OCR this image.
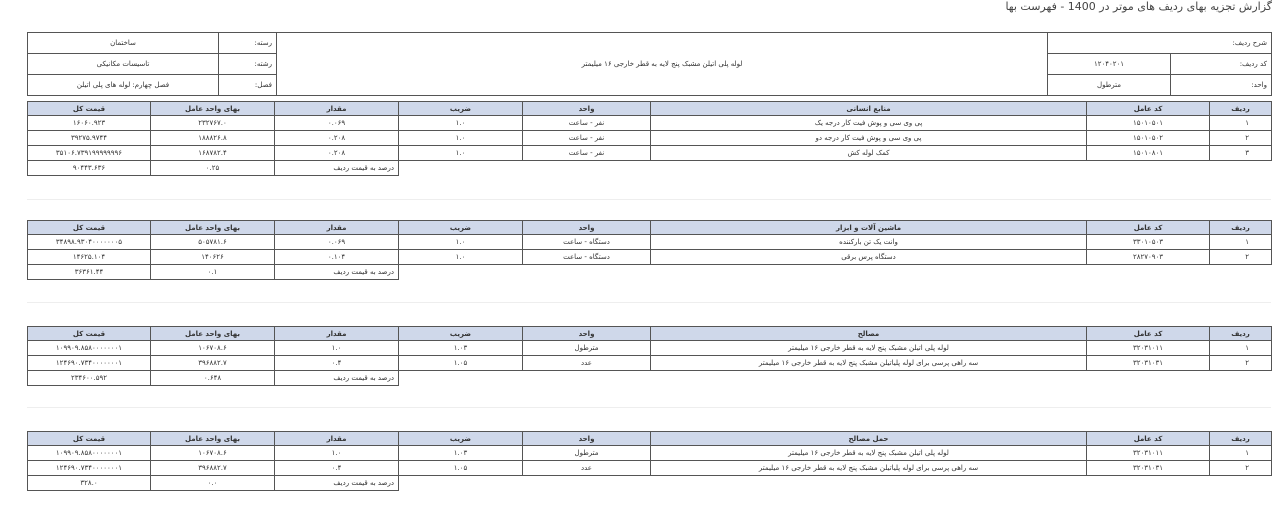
گزارش تجزیه بهای ردیف های موتر در 1400 - فهرست بها
شرح ردیف:		لوله پلی اتیلن مشبک پنج لایه به قطر خارجی ۱۶ میلیمتر	رسته:	ساختمان
کد ردیف:	۱۲۰۴۰۲۰۱		رشته:	تاسیسات مکانیکی
واحد:	مترطول		فصل:	فصل چهارم: لوله های پلی اتیلن
ردیف	کد عامل	منابع انسانی	واحد	ضریب	مقدار	بهای واحد عامل	قیمت کل
۱	۱۵۰۱۰۵۰۱	پی وی سی و پوش فیت کار درجه یک	نفر - ساعت	۱.۰	۰.۰۶۹	۲۳۲۷۶۷.۰	۱۶۰۶۰.۹۲۳
۲	۱۵۰۱۰۵۰۲	پی وی سی و پوش فیت کار درجه دو	نفر - ساعت	۱.۰	۰.۲۰۸	۱۸۸۸۲۶.۸	۳۹۲۷۵.۹۷۴۴
۳	۱۵۰۱۰۸۰۱	کمک لوله کش	نفر - ساعت	۱.۰	۰.۲۰۸	۱۶۸۷۸۲.۴	۳۵۱۰۶.۷۳۹۱۹۹۹۹۹۹۹۶
					درصد به قیمت ردیف	۰.۲۵	۹۰۴۴۳.۶۳۶
ردیف	کد عامل	ماشین آلات و ابزار	واحد	ضریب	مقدار	بهای واحد عامل	قیمت کل
۱	۳۳۰۱۰۵۰۳	وانت یک تن بارکننده	دستگاه - ساعت	۱.۰	۰.۰۶۹	۵۰۵۷۸۱.۶	۳۴۸۹۸.۹۳۰۴۰۰۰۰۰۰۰۵
۲	۲۸۲۷۰۹۰۳	دستگاه پرس برقی	دستگاه - ساعت	۱.۰	۰.۱۰۴	۱۴۰۶۲۶	۱۴۶۲۵.۱۰۴
					درصد به قیمت ردیف	۰.۱	۳۶۳۶۱.۴۴
ردیف	کد عامل	مصالح	واحد	ضریب	مقدار	بهای واحد عامل	قیمت کل
۱	۳۲۰۳۱۰۱۱	لوله پلی اتیلن مشبک پنج لایه به قطر خارجی ۱۶ میلیمتر	مترطول	۱.۰۳	۱.۰	۱۰۶۷۰۸.۶	۱۰۹۹۰۹.۸۵۸۰۰۰۰۰۰۰۱
۲	۳۲۰۳۱۰۳۱	سه راهی پرسی برای لوله پلیاتیلن مشبک پنج لایه به قطر خارجی ۱۶ میلیمتر	عدد	۱.۰۵	۰.۴	۳۹۶۸۸۲.۷	۱۲۴۶۹۰.۷۳۴۰۰۰۰۰۰۰۱
					درصد به قیمت ردیف	۰.۶۴۸	۲۳۴۶۰۰.۵۹۲
ردیف	کد عامل	حمل مصالح	واحد	ضریب	مقدار	بهای واحد عامل	قیمت کل
۱	۳۲۰۳۱۰۱۱	لوله پلی اتیلن مشبک پنج لایه به قطر خارجی ۱۶ میلیمتر	مترطول	۱.۰۳	۱.۰	۱۰۶۷۰۸.۶	۱۰۹۹۰۹.۸۵۸۰۰۰۰۰۰۰۱
۲	۳۲۰۳۱۰۳۱	سه راهی پرسی برای لوله پلیاتیلن مشبک پنج لایه به قطر خارجی ۱۶ میلیمتر	عدد	۱.۰۵	۰.۴	۳۹۶۸۸۲.۷	۱۲۴۶۹۰.۷۳۴۰۰۰۰۰۰۰۱
					درصد به قیمت ردیف	۰.۰	۳۲۸.۰
